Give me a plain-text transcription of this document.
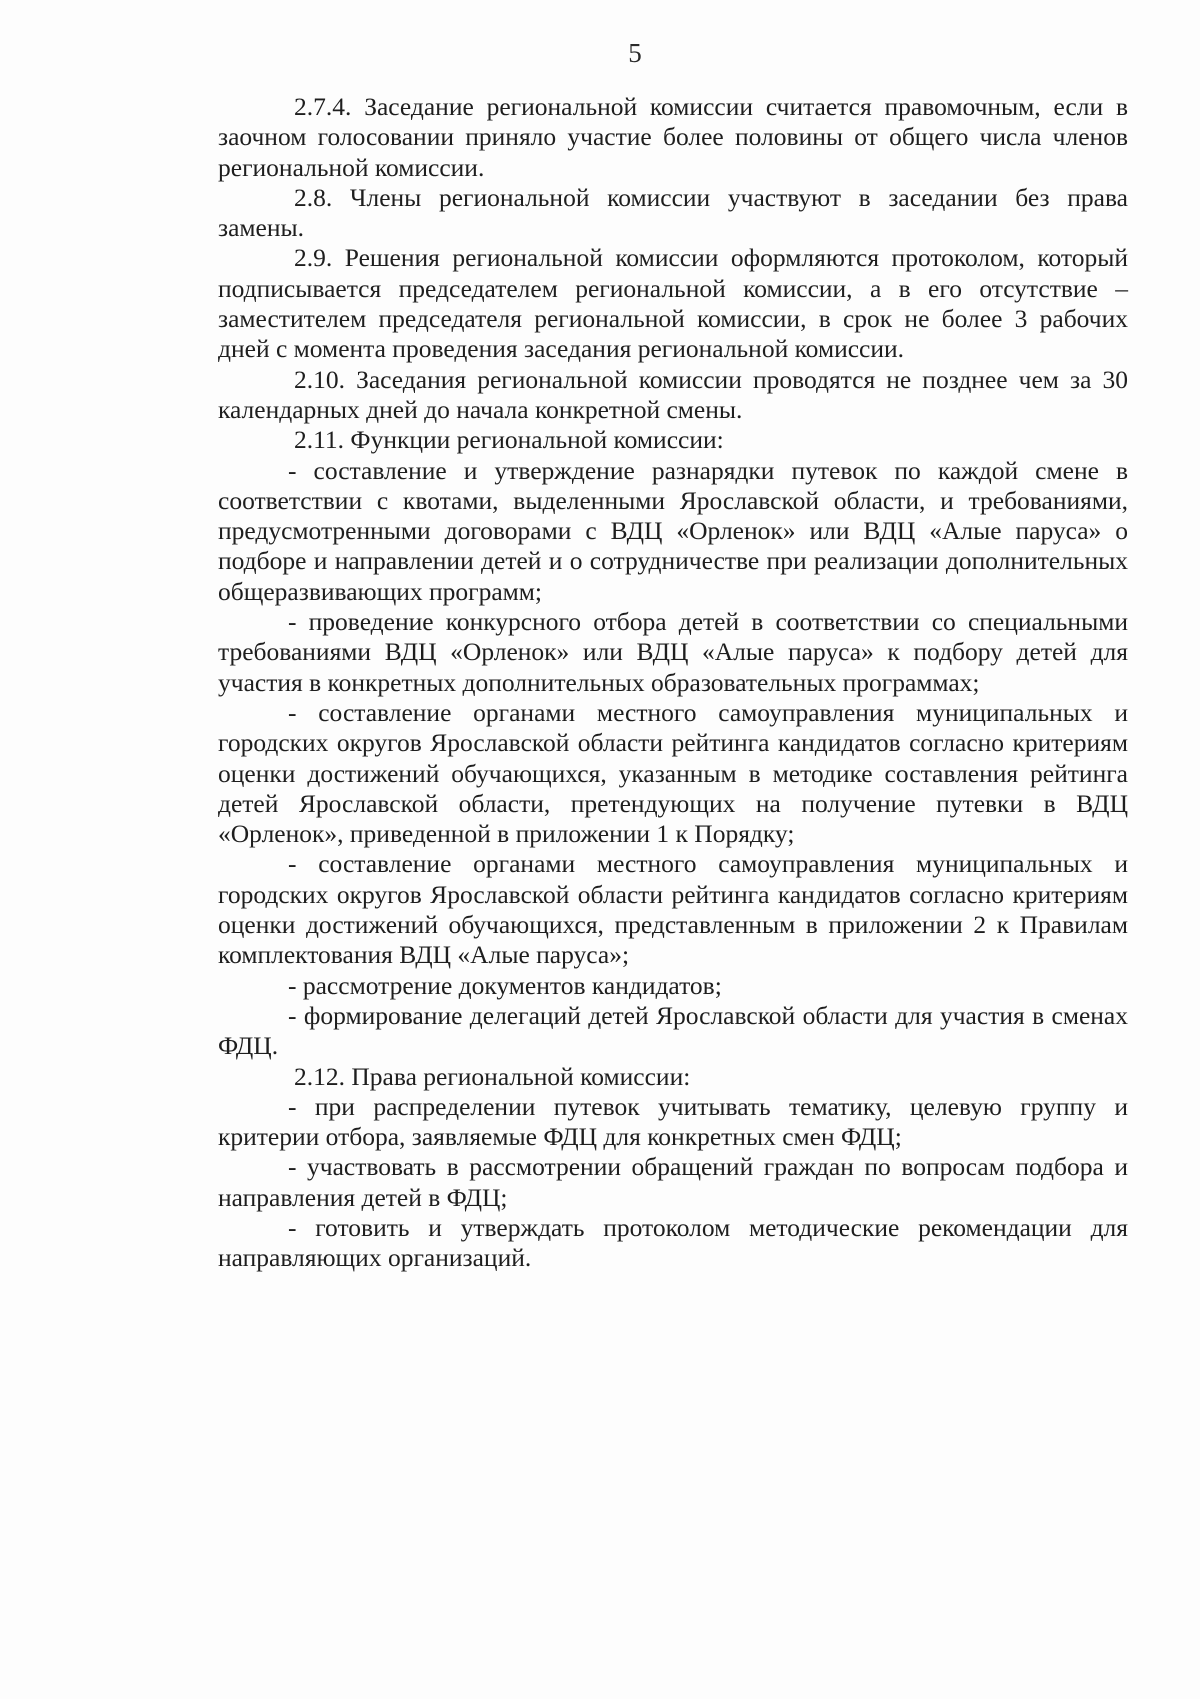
5

2.7.4. Заседание региональной комиссии считается правомочным, если в заочном голосовании приняло участие более половины от общего числа членов региональной комиссии.

2.8. Члены региональной комиссии участвуют в заседании без права замены.

2.9. Решения региональной комиссии оформляются протоколом, который подписывается председателем региональной комиссии, а в его отсутствие – заместителем председателя региональной комиссии, в срок не более 3 рабочих дней с момента проведения заседания региональной комиссии.

2.10. Заседания региональной комиссии проводятся не позднее чем за 30 календарных дней до начала конкретной смены.

2.11. Функции региональной комиссии:

- составление и утверждение разнарядки путевок по каждой смене в соответствии с квотами, выделенными Ярославской области, и требованиями, предусмотренными договорами с ВДЦ «Орленок» или ВДЦ «Алые паруса» о подборе и направлении детей и о сотрудничестве при реализации дополнительных общеразвивающих программ;

- проведение конкурсного отбора детей в соответствии со специальными требованиями ВДЦ «Орленок» или ВДЦ «Алые паруса» к подбору детей для участия в конкретных дополнительных образовательных программах;

- составление органами местного самоуправления муниципальных и городских округов Ярославской области рейтинга кандидатов согласно критериям оценки достижений обучающихся, указанным в методике составления рейтинга детей Ярославской области, претендующих на получение путевки в ВДЦ «Орленок», приведенной в приложении 1 к Порядку;

- составление органами местного самоуправления муниципальных и городских округов Ярославской области рейтинга кандидатов согласно критериям оценки достижений обучающихся, представленным в приложении 2 к Правилам комплектования ВДЦ «Алые паруса»;

- рассмотрение документов кандидатов;

- формирование делегаций детей Ярославской области для участия в сменах ФДЦ.

2.12. Права региональной комиссии:

- при распределении путевок учитывать тематику, целевую группу и критерии отбора, заявляемые ФДЦ для конкретных смен ФДЦ;

- участвовать в рассмотрении обращений граждан по вопросам подбора и направления детей в ФДЦ;

- готовить и утверждать протоколом методические рекомендации для направляющих организаций.
